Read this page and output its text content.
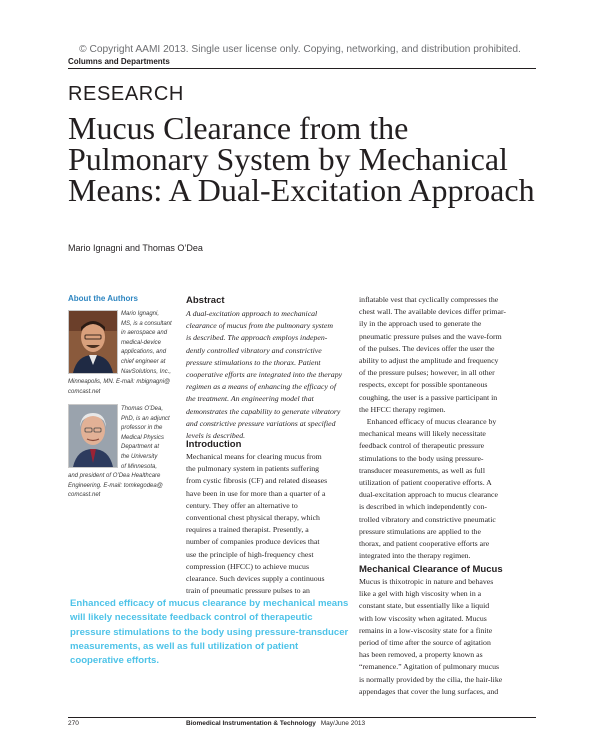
© Copyright AAMI 2013. Single user license only. Copying, networking, and distribution prohibited.
Columns and Departments
RESEARCH
Mucus Clearance from the
Pulmonary System by Mechanical
Means: A Dual-Excitation Approach
Mario Ignagni and Thomas O’Dea
About the Authors
Mario Ignagni,
MS, is a consultant
in aerospace and
medical-device
applications, and
chief engineer at
NavSolutions, Inc.,
Minneapolis, MN. E-mail: mbignagni@
comcast.net
Thomas O’Dea,
PhD, is an adjunct
professor in the
Medical Physics
Department at
the University
of Minnesota,
and president of O’Dea Healthcare
Engineering. E-mail: tomkegodea@
comcast.net
Abstract
A dual-excitation approach to mechanical
clearance of mucus from the pulmonary system
is described. The approach employs indepen-
dently controlled vibratory and constrictive
pressure stimulations to the thorax. Patient
cooperative efforts are integrated into the therapy
regimen as a means of enhancing the efficacy of
the treatment. An engineering model that
demonstrates the capability to generate vibratory
and constrictive pressure variations at specified
levels is described.
Introduction
Mechanical means for clearing mucus from
the pulmonary system in patients suffering
from cystic fibrosis (CF) and related diseases
have been in use for more than a quarter of a
century. They offer an alternative to
conventional chest physical therapy, which
requires a trained therapist. Presently, a
number of companies produce devices that
use the principle of high-frequency chest
compression (HFCC) to achieve mucus
clearance. Such devices supply a continuous
train of pneumatic pressure pulses to an
inflatable vest that cyclically compresses the
chest wall. The available devices differ primar-
ily in the approach used to generate the
pneumatic pressure pulses and the wave-form
of the pulses. The devices offer the user the
ability to adjust the amplitude and frequency
of the pressure pulses; however, in all other
respects, except for possible spontaneous
coughing, the user is a passive participant in
the HFCC therapy regimen.
Enhanced efficacy of mucus clearance by
mechanical means will likely necessitate
feedback control of therapeutic pressure
stimulations to the body using pressure-
transducer measurements, as well as full
utilization of patient cooperative efforts. A
dual-excitation approach to mucus clearance
is described in which independently con-
trolled vibratory and constrictive pneumatic
pressure stimulations are applied to the
thorax, and patient cooperative efforts are
integrated into the therapy regimen.
Mechanical Clearance of Mucus
Mucus is thixotropic in nature and behaves
like a gel with high viscosity when in a
constant state, but essentially like a liquid
with low viscosity when agitated. Mucus
remains in a low-viscosity state for a finite
period of time after the source of agitation
has been removed, a property known as
“remanence.” Agitation of pulmonary mucus
is normally provided by the cilia, the hair-like
appendages that cover the lung surfaces, and
Enhanced efficacy of mucus clearance by mechanical means
will likely necessitate feedback control of therapeutic
pressure stimulations to the body using pressure-transducer
measurements, as well as full utilization of patient
cooperative efforts.
270	Biomedical Instrumentation & Technology May/June 2013
